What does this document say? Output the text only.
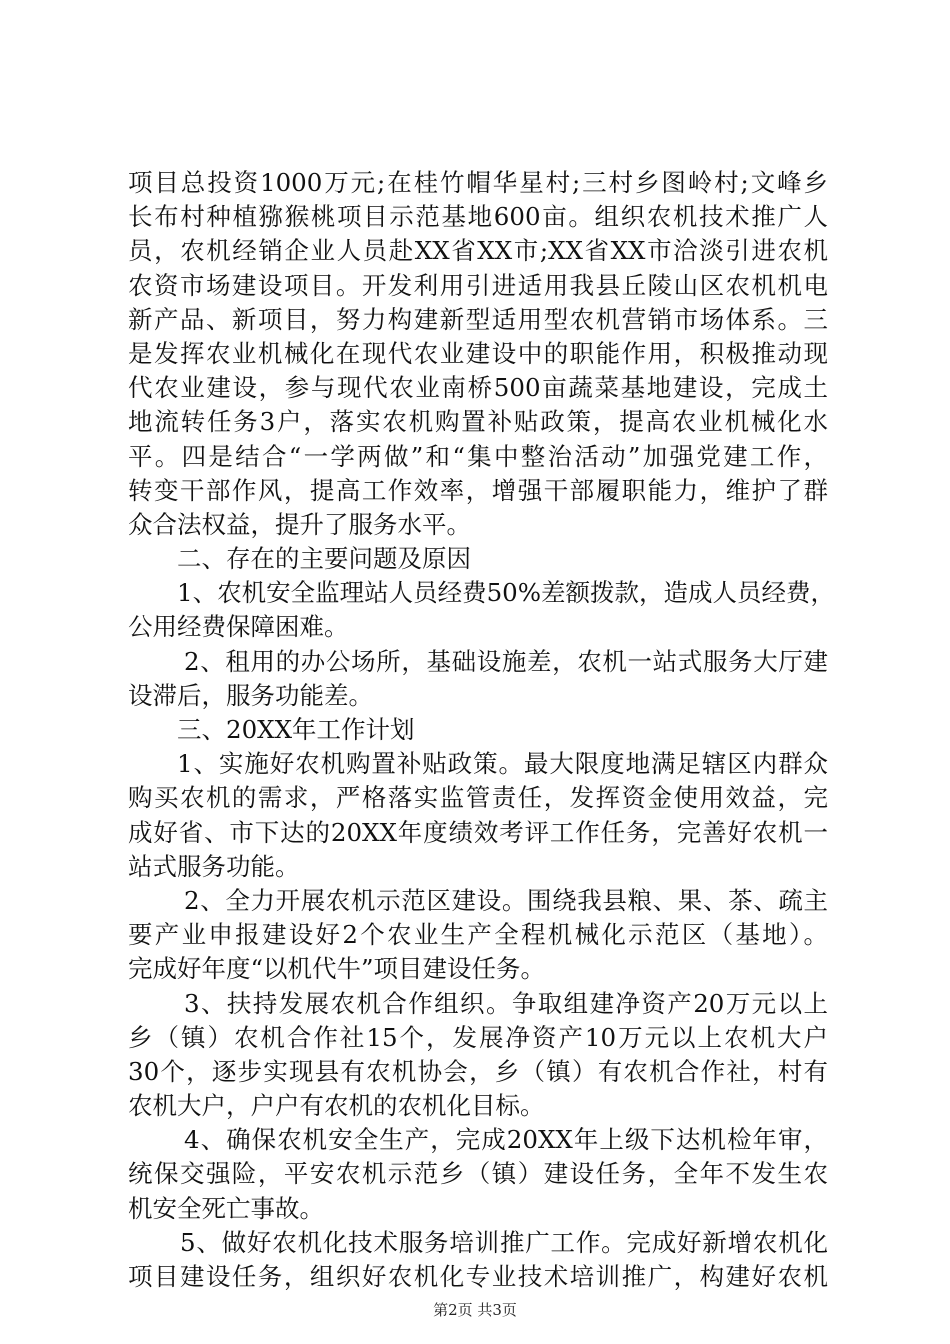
项目总投资1000万元;在桂竹帽华星村;三村乡图岭村;文峰乡
长布村种植猕猴桃项目示范基地600亩。组织农机技术推广人
员，农机经销企业人员赴XX省XX市;XX省XX市洽淡引进农机
农资市场建设项目。开发利用引进适用我县丘陵山区农机机电
新产品、新项目，努力构建新型适用型农机营销市场体系。三
是发挥农业机械化在现代农业建设中的职能作用，积极推动现
代农业建设，参与现代农业南桥500亩蔬菜基地建设，完成土
地流转任务3户，落实农机购置补贴政策，提高农业机械化水
平。四是结合“一学两做”和“集中整治活动”加强党建工作，
转变干部作风，提高工作效率，增强干部履职能力，维护了群
众合法权益，提升了服务水平。
二、存在的主要问题及原因
1、农机安全监理站人员经费50%差额拨款，造成人员经费，
公用经费保障困难。
2、租用的办公场所，基础设施差，农机一站式服务大厅建
设滞后，服务功能差。
三、20XX年工作计划
1、实施好农机购置补贴政策。最大限度地满足辖区内群众
购买农机的需求，严格落实监管责任，发挥资金使用效益，完
成好省、市下达的20XX年度绩效考评工作任务，完善好农机一
站式服务功能。
2、全力开展农机示范区建设。围绕我县粮、果、茶、疏主
要产业申报建设好2个农业生产全程机械化示范区（基地）。
完成好年度“以机代牛”项目建设任务。
3、扶持发展农机合作组织。争取组建净资产20万元以上
乡（镇）农机合作社15个，发展净资产10万元以上农机大户
30个，逐步实现县有农机协会，乡（镇）有农机合作社，村有
农机大户，户户有农机的农机化目标。
4、确保农机安全生产，完成20XX年上级下达机检年审，
统保交强险，平安农机示范乡（镇）建设任务，全年不发生农
机安全死亡事故。
5、做好农机化技术服务培训推广工作。完成好新增农机化
项目建设任务，组织好农机化专业技术培训推广，构建好农机
第2页 共3页
